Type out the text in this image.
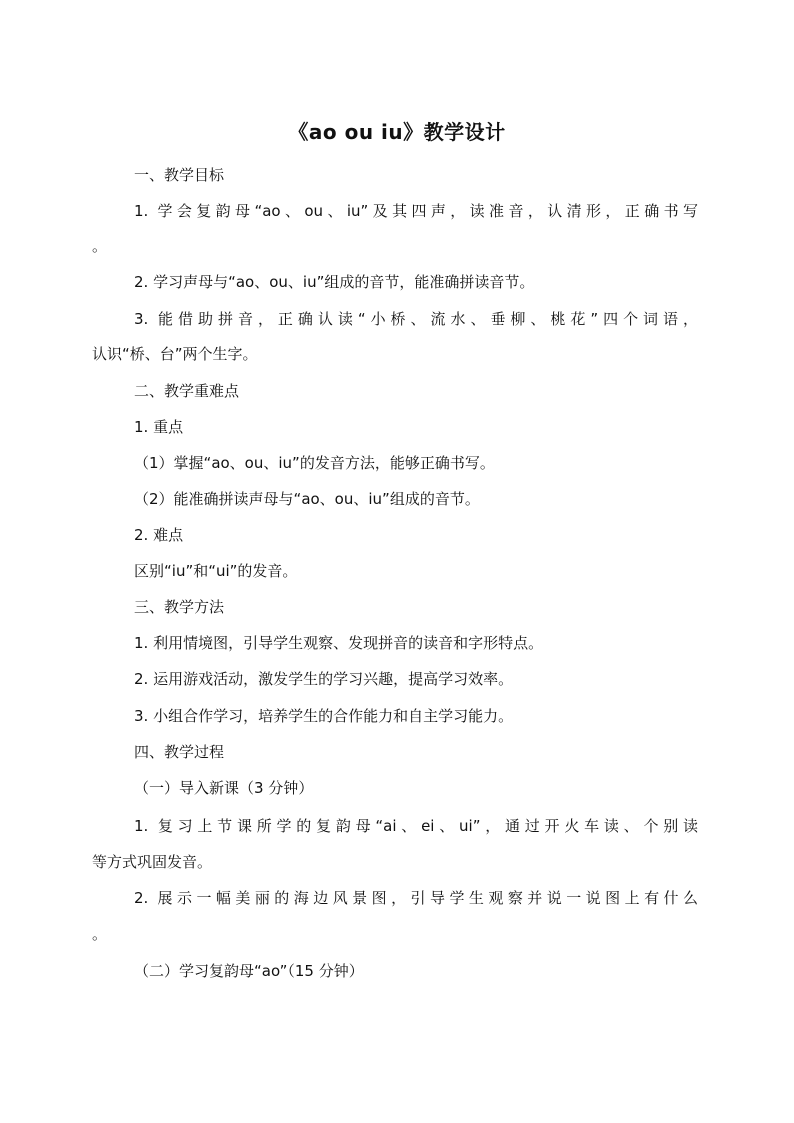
《ao ou iu》教学设计
一、教学目标
1. 学会复韵母“ao、ou、iu”及其四声，读准音，认清形，正确书写
。
2. 学习声母与“ao、ou、iu”组成的音节，能准确拼读音节。
3. 能借助拼音，正确认读“小桥、流水、垂柳、桃花”四个词语，
认识“桥、台”两个生字。
二、教学重难点
1. 重点
（1）掌握“ao、ou、iu”的发音方法，能够正确书写。
（2）能准确拼读声母与“ao、ou、iu”组成的音节。
2. 难点
区别“iu”和“ui”的发音。
三、教学方法
1. 利用情境图，引导学生观察、发现拼音的读音和字形特点。
2. 运用游戏活动，激发学生的学习兴趣，提高学习效率。
3. 小组合作学习，培养学生的合作能力和自主学习能力。
四、教学过程
（一）导入新课（3 分钟）
1. 复习上节课所学的复韵母“ai、ei、ui”，通过开火车读、个别读
等方式巩固发音。
2. 展示一幅美丽的海边风景图，引导学生观察并说一说图上有什么
。
（二）学习复韵母“ao”（15 分钟）
